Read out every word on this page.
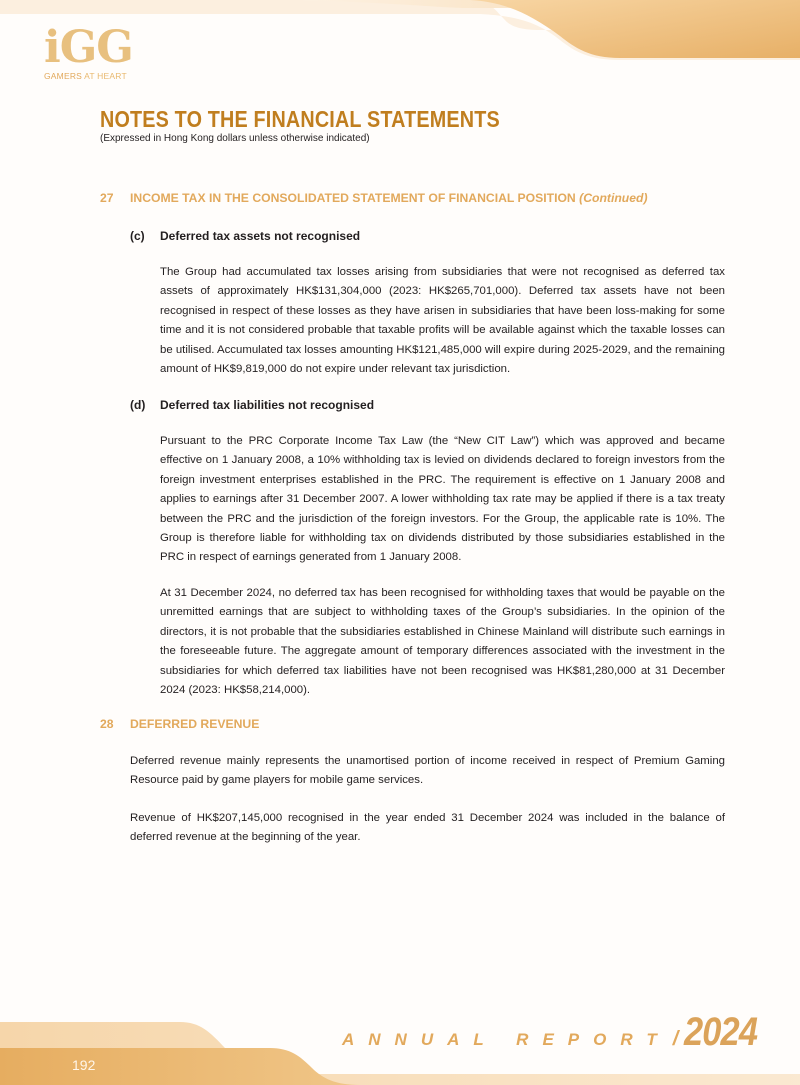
iGG
GAMERS AT HEART
NOTES TO THE FINANCIAL STATEMENTS
(Expressed in Hong Kong dollars unless otherwise indicated)
27 INCOME TAX IN THE CONSOLIDATED STATEMENT OF FINANCIAL POSITION (Continued)
(c) Deferred tax assets not recognised

The Group had accumulated tax losses arising from subsidiaries that were not recognised as deferred tax assets of approximately HK$131,304,000 (2023: HK$265,701,000). Deferred tax assets have not been recognised in respect of these losses as they have arisen in subsidiaries that have been loss-making for some time and it is not considered probable that taxable profits will be available against which the taxable losses can be utilised. Accumulated tax losses amounting HK$121,485,000 will expire during 2025-2029, and the remaining amount of HK$9,819,000 do not expire under relevant tax jurisdiction.

(d) Deferred tax liabilities not recognised

Pursuant to the PRC Corporate Income Tax Law (the “New CIT Law”) which was approved and became effective on 1 January 2008, a 10% withholding tax is levied on dividends declared to foreign investors from the foreign investment enterprises established in the PRC. The requirement is effective on 1 January 2008 and applies to earnings after 31 December 2007. A lower withholding tax rate may be applied if there is a tax treaty between the PRC and the jurisdiction of the foreign investors. For the Group, the applicable rate is 10%. The Group is therefore liable for withholding tax on dividends distributed by those subsidiaries established in the PRC in respect of earnings generated from 1 January 2008.

At 31 December 2024, no deferred tax has been recognised for withholding taxes that would be payable on the unremitted earnings that are subject to withholding taxes of the Group’s subsidiaries. In the opinion of the directors, it is not probable that the subsidiaries established in Chinese Mainland will distribute such earnings in the foreseeable future. The aggregate amount of temporary differences associated with the investment in the subsidiaries for which deferred tax liabilities have not been recognised was HK$81,280,000 at 31 December 2024 (2023: HK$58,214,000).

28 DEFERRED REVENUE

Deferred revenue mainly represents the unamortised portion of income received in respect of Premium Gaming Resource paid by game players for mobile game services.

Revenue of HK$207,145,000 recognised in the year ended 31 December 2024 was included in the balance of deferred revenue at the beginning of the year.

ANNUAL REPORT / 2024
192
